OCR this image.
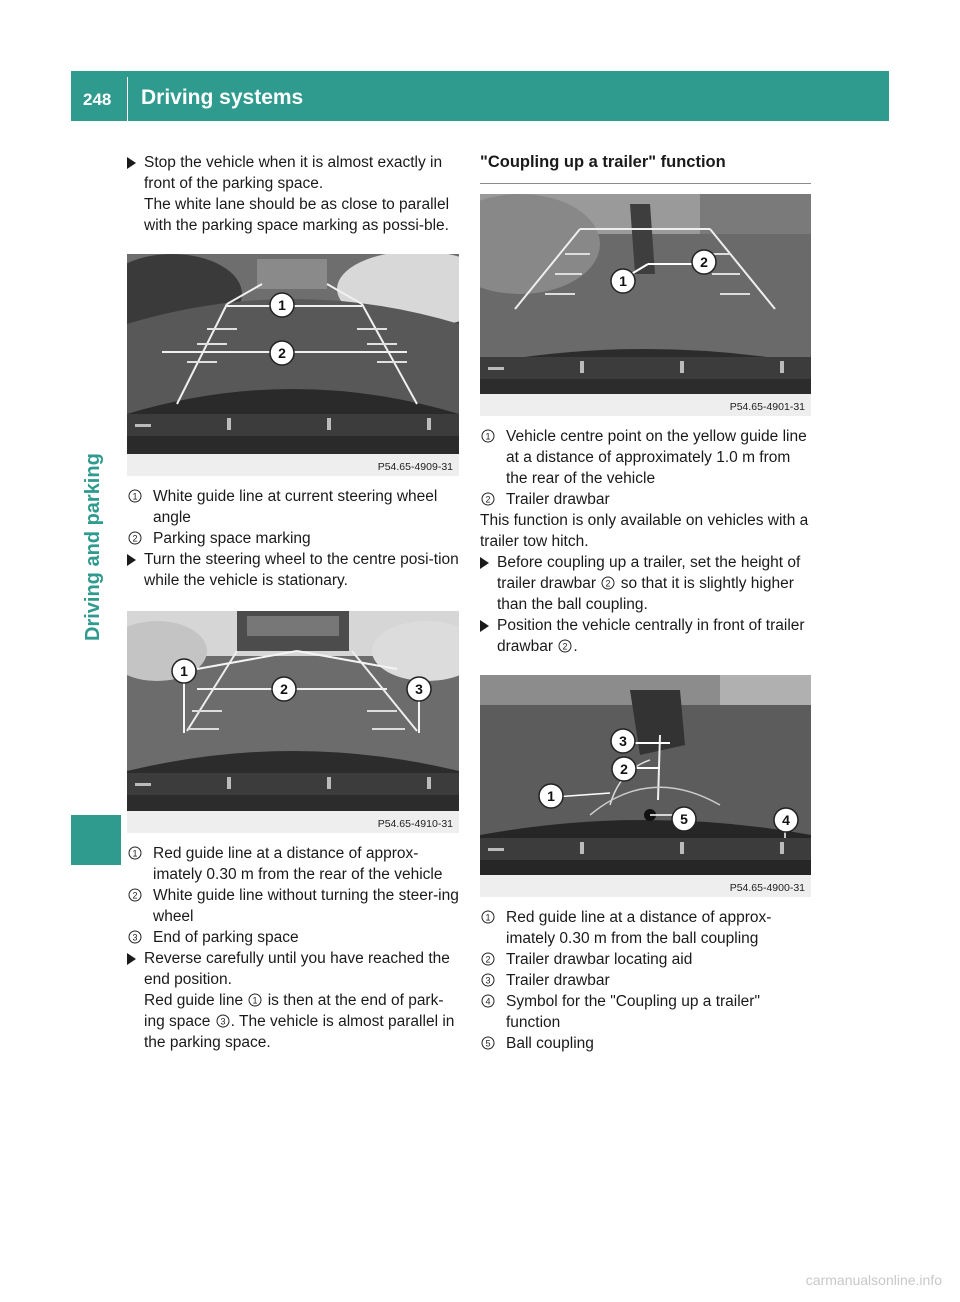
248 Driving systems
Driving and parking
Stop the vehicle when it is almost exactly in front of the parking space.
The white lane should be as close to parallel with the parking space marking as possi-ble.
1
2
P54.65-4909-31
1 White guide line at current steering wheel angle
2 Parking space marking
Turn the steering wheel to the centre posi-tion while the vehicle is stationary.
1
2	3
P54.65-4910-31
1 Red guide line at a distance of approx-imately 0.30 m from the rear of the vehicle
2 White guide line without turning the steer-ing wheel
3 End of parking space
Reverse carefully until you have reached the end position.
Red guide line 1 is then at the end of park-ing space 3 . The vehicle is almost parallel in the parking space.
"Coupling up a trailer" function
1
2
P54.65-4901-31
1 Vehicle centre point on the yellow guide line at a distance of approximately 1.0 m from the rear of the vehicle
2 Trailer drawbar

This function is only available on vehicles with a trailer tow hitch.

Before coupling up a trailer, set the height of trailer drawbar 2 so that it is slightly higher than the ball coupling.
Position the vehicle centrally in front of trailer drawbar 2 .
3
2
1
4
5
P54.65-4900-31
1 Red guide line at a distance of approx-imately 0.30 m from the ball coupling
2 Trailer drawbar locating aid
3 Trailer drawbar
4 Symbol for the "Coupling up a trailer" function
5 Ball coupling
carmanualsonline.info
